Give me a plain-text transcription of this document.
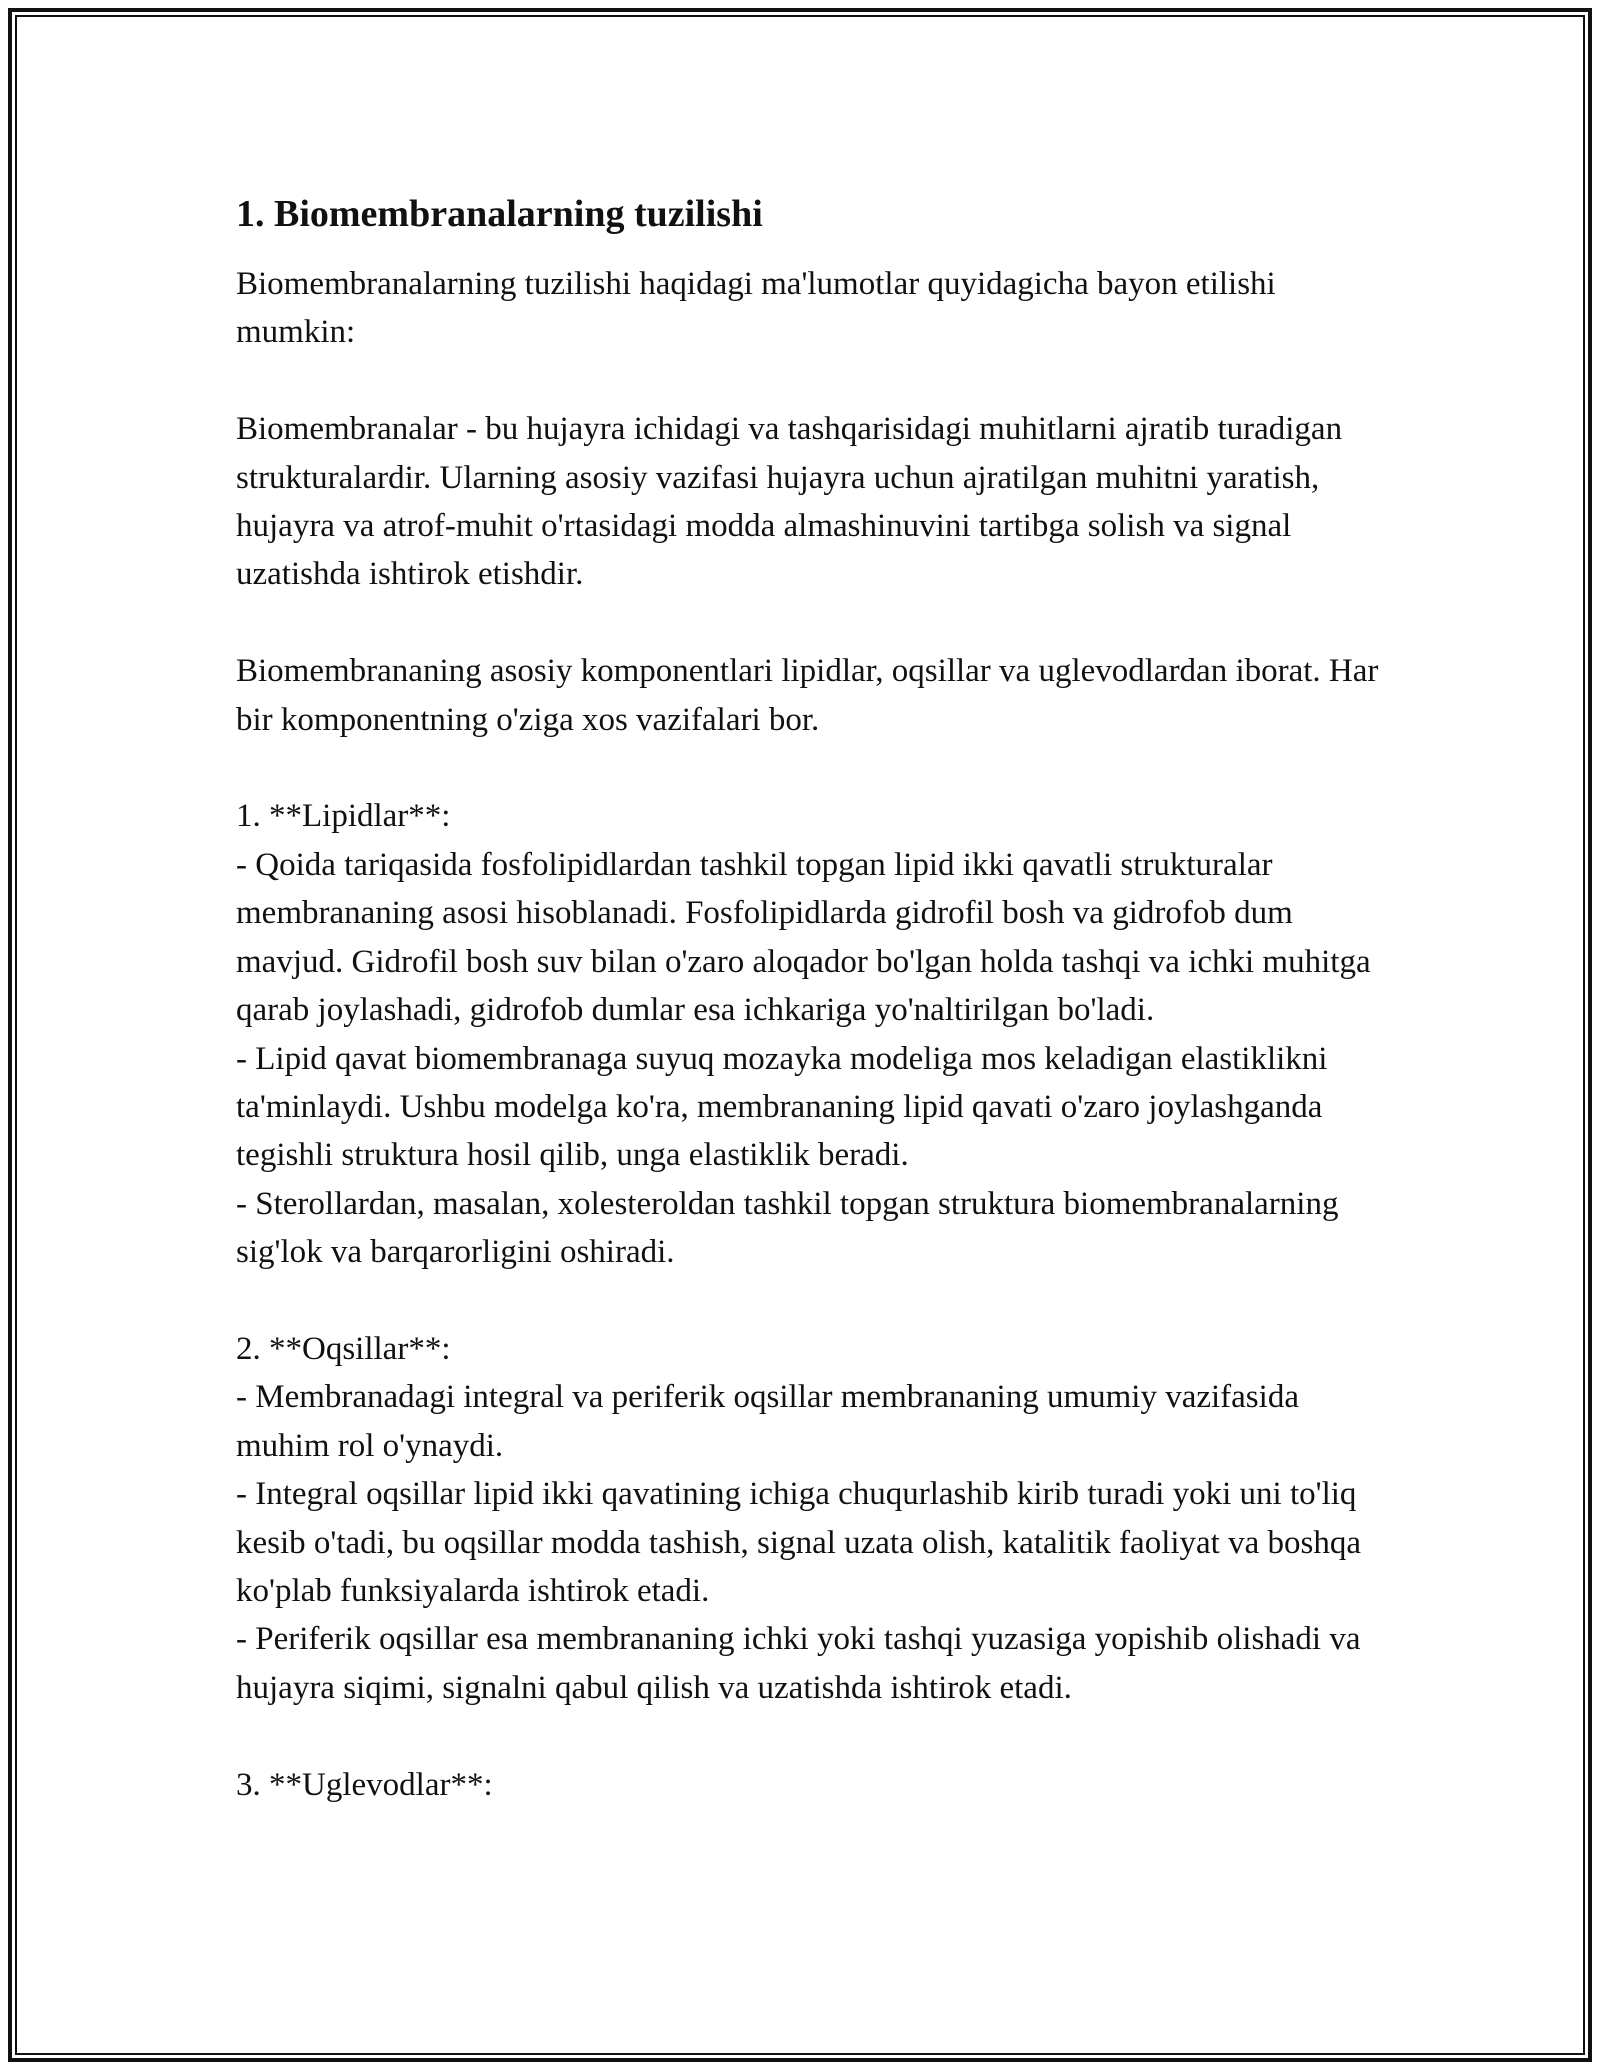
1. Biomembranalarning tuzilishi
Biomembranalarning tuzilishi haqidagi ma'lumotlar quyidagicha bayon etilishi mumkin:

Biomembranalar - bu hujayra ichidagi va tashqarisidagi muhitlarni ajratib turadigan strukturalardir. Ularning asosiy vazifasi hujayra uchun ajratilgan muhitni yaratish, hujayra va atrof-muhit o'rtasidagi modda almashinuvini tartibga solish va signal uzatishda ishtirok etishdir.

Biomembrananing asosiy komponentlari lipidlar, oqsillar va uglevodlardan iborat. Har bir komponentning o'ziga xos vazifalari bor.

1. **Lipidlar**:
- Qoida tariqasida fosfolipidlardan tashkil topgan lipid ikki qavatli strukturalar membrananing asosi hisoblanadi. Fosfolipidlarda gidrofil bosh va gidrofob dum mavjud. Gidrofil bosh suv bilan o'zaro aloqador bo'lgan holda tashqi va ichki muhitga qarab joylashadi, gidrofob dumlar esa ichkariga yo'naltirilgan bo'ladi.
- Lipid qavat biomembranaga suyuq mozayka modeliga mos keladigan elastiklikni ta'minlaydi. Ushbu modelga ko'ra, membrananing lipid qavati o'zaro joylashganda tegishli struktura hosil qilib, unga elastiklik beradi.
- Sterollardan, masalan, xolesteroldan tashkil topgan struktura biomembranalarning sig'lok va barqarorligini oshiradi.

2. **Oqsillar**:
- Membranadagi integral va periferik oqsillar membrananing umumiy vazifasida muhim rol o'ynaydi.
- Integral oqsillar lipid ikki qavatining ichiga chuqurlashib kirib turadi yoki uni to'liq kesib o'tadi, bu oqsillar modda tashish, signal uzata olish, katalitik faoliyat va boshqa ko'plab funksiyalarda ishtirok etadi.
- Periferik oqsillar esa membrananing ichki yoki tashqi yuzasiga yopishib olishadi va hujayra siqimi, signalni qabul qilish va uzatishda ishtirok etadi.

3. **Uglevodlar**:
